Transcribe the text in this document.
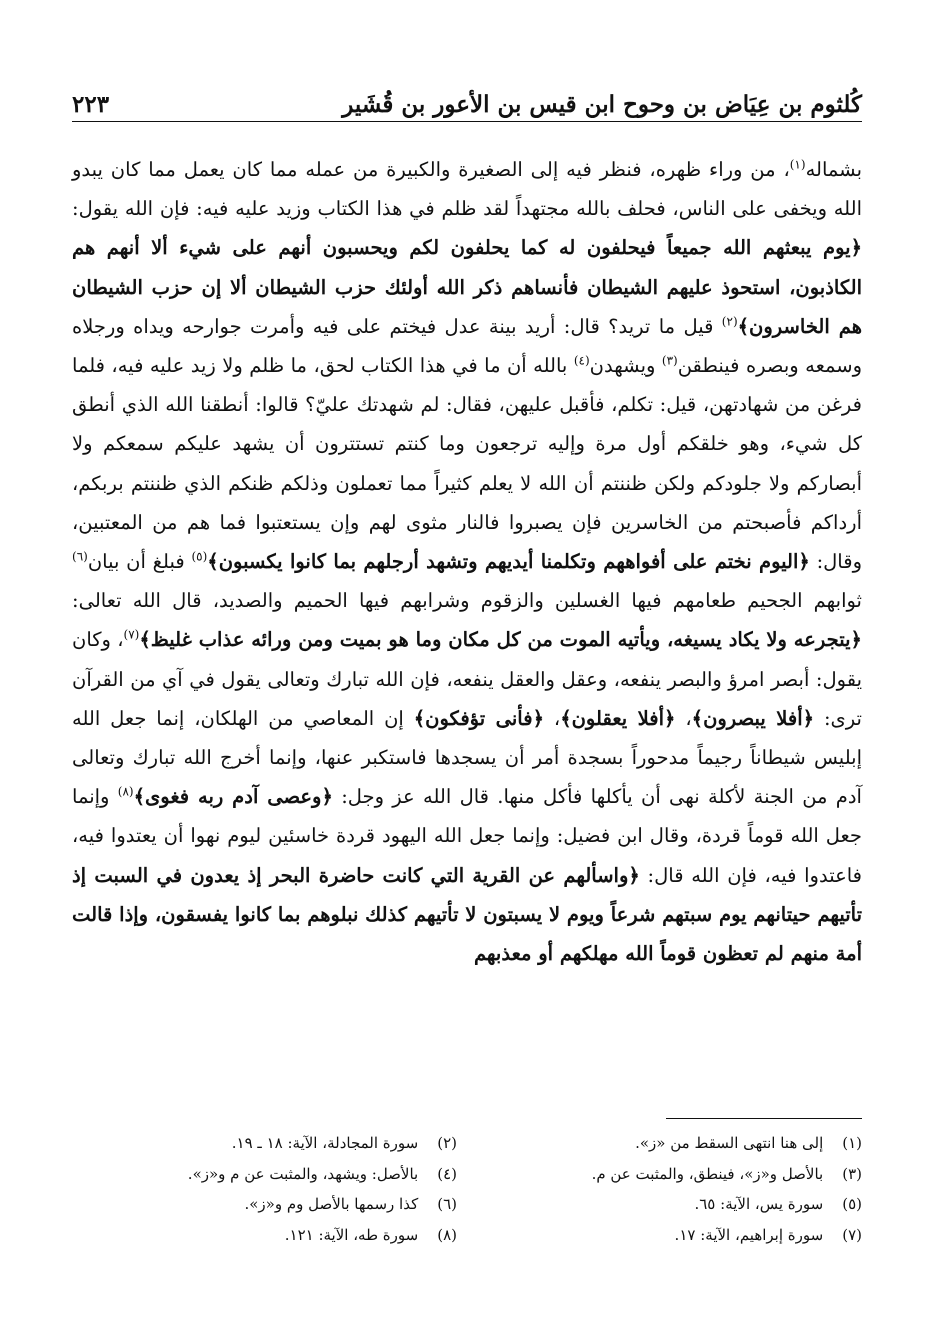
كُلثوم بن عِيَاض بن وحوح ابن قيس بن الأعور بن قُشَير
٢٢٣
بشماله$^{(١)}$، من وراء ظهره، فنظر فيه إلى الصغيرة والكبيرة من عمله مما كان يعمل مما كان يبدو الله ويخفى على الناس، فحلف بالله مجتهداً لقد ظلم في هذا الكتاب وزيد عليه فيه: فإن الله يقول: ﴿يوم يبعثهم الله جميعاً فيحلفون له كما يحلفون لكم ويحسبون أنهم على شيء ألا أنهم هم الكاذبون، استحوذ عليهم الشيطان فأنساهم ذكر الله أولئك حزب الشيطان ألا إن حزب الشيطان هم الخاسرون﴾$^{(٢)}$ قيل ما تريد؟ قال: أريد بينة عدل فيختم على فيه وأمرت جوارحه ويداه ورجلاه وسمعه وبصره فينطقن$^{(٣)}$ ويشهدن$^{(٤)}$ بالله أن ما في هذا الكتاب لحق، ما ظلم ولا زيد عليه فيه، فلما فرغن من شهادتهن، قيل: تكلم، فأقبل عليهن، فقال: لم شهدتك عليّ؟ قالوا: أنطقنا الله الذي أنطق كل شيء، وهو خلقكم أول مرة وإليه ترجعون وما كنتم تستترون أن يشهد عليكم سمعكم ولا أبصاركم ولا جلودكم ولكن ظننتم أن الله لا يعلم كثيراً مما تعملون وذلكم ظنكم الذي ظننتم بربكم، أرداكم فأصبحتم من الخاسرين فإن يصبروا فالنار مثوى لهم وإن يستعتبوا فما هم من المعتبين، وقال: ﴿اليوم نختم على أفواههم وتكلمنا أيديهم وتشهد أرجلهم بما كانوا يكسبون﴾$^{(٥)}$ فبلغ أن بيان$^{(٦)}$ ثوابهم الجحيم طعامهم فيها الغسلين والزقوم وشرابهم فيها الحميم والصديد، قال الله تعالى: ﴿يتجرعه ولا يكاد يسيغه، ويأتيه الموت من كل مكان وما هو بميت ومن ورائه عذاب غليظ﴾$^{(٧)}$، وكان يقول: أبصر امرؤ والبصر ينفعه، وعقل والعقل ينفعه، فإن الله تبارك وتعالى يقول في آي من القرآن ترى: ﴿أفلا يبصرون﴾، ﴿أفلا يعقلون﴾، ﴿فأنى تؤفكون﴾ إن المعاصي من الهلكان، إنما جعل الله إبليس شيطاناً رجيماً مدحوراً بسجدة أمر أن يسجدها فاستكبر عنها، وإنما أخرج الله تبارك وتعالى آدم من الجنة لأكلة نهى أن يأكلها فأكل منها. قال الله عز وجل: ﴿وعصى آدم ربه فغوى﴾$^{(٨)}$ وإنما جعل الله قوماً قردة، وقال ابن فضيل: وإنما جعل الله اليهود قردة خاسئين ليوم نهوا أن يعتدوا فيه، فاعتدوا فيه، فإن الله قال: ﴿واسألهم عن القرية التي كانت حاضرة البحر إذ يعدون في السبت إذ تأتيهم حيتانهم يوم سبتهم شرعاً ويوم لا يسبتون لا تأتيهم كذلك نبلوهم بما كانوا يفسقون، وإذا قالت أمة منهم لم تعظون قوماً الله مهلكهم أو معذبهم
(١) إلى هنا انتهى السقط من «ز».
(٢) سورة المجادلة، الآية: ١٨ ـ ١٩.
(٣) بالأصل و«ز»، فينطق، والمثبت عن م.
(٤) بالأصل: ويشهد، والمثبت عن م و«ز».
(٥) سورة يس، الآية: ٦٥.
(٦) كذا رسمها بالأصل وم و«ز».
(٧) سورة إبراهيم، الآية: ١٧.
(٨) سورة طه، الآية: ١٢١.
